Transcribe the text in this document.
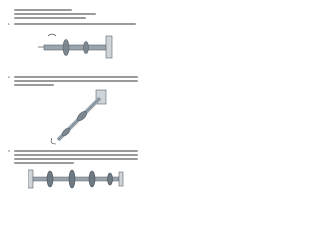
1.
2.
3.
